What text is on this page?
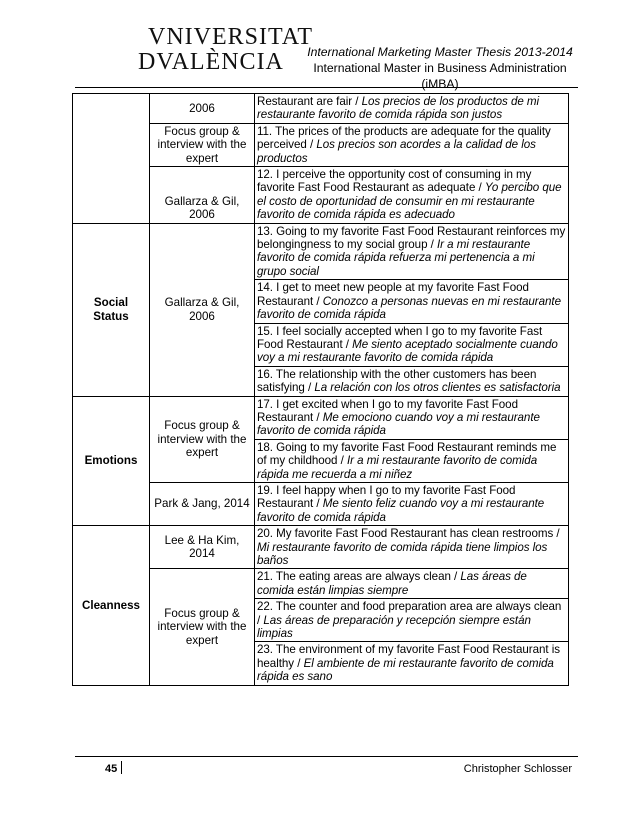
VNIVERSITAT
DVALÈNCIA	International Marketing Master Thesis 2013-2014
International Master in Business Administration (iMBA)
	2006	Restaurant are fair / Los precios de los productos de mi restaurante favorito de comida rápida son justos
	Focus group & interview with the expert	11. The prices of the products are adequate for the quality perceived / Los precios son acordes a la calidad de los productos
	Gallarza & Gil, 2006	12. I perceive the opportunity cost of consuming in my favorite Fast Food Restaurant as adequate / Yo percibo que el costo de oportunidad de consumir en mi restaurante favorito de comida rápida es adecuado
Social Status	Gallarza & Gil, 2006	13. Going to my favorite Fast Food Restaurant reinforces my belongingness to my social group / Ir a mi restaurante favorito de comida rápida refuerza mi pertenencia a mi grupo social
		14. I get to meet new people at my favorite Fast Food Restaurant / Conozco a personas nuevas en mi restaurante favorito de comida rápida
		15. I feel socially accepted when I go to my favorite Fast Food Restaurant / Me siento aceptado socialmente cuando voy a mi restaurante favorito de comida rápida
		16. The relationship with the other customers has been satisfying / La relación con los otros clientes es satisfactoria
Emotions	Focus group & interview with the expert	17. I get excited when I go to my favorite Fast Food Restaurant / Me emociono cuando voy a mi restaurante favorito de comida rápida
		18. Going to my favorite Fast Food Restaurant reminds me of my childhood / Ir a mi restaurante favorito de comida rápida me recuerda a mi niñez
	Park & Jang, 2014	19. I feel happy when I go to my favorite Fast Food Restaurant / Me siento feliz cuando voy a mi restaurante favorito de comida rápida
Cleanness	Lee & Ha Kim, 2014	20. My favorite Fast Food Restaurant has clean restrooms / Mi restaurante favorito de comida rápida tiene limpios los baños
	Focus group & interview with the expert	21. The eating areas are always clean / Las áreas de comida están limpias siempre
		22. The counter and food preparation area are always clean / Las áreas de preparación y recepción siempre están limpias
		23. The environment of my favorite Fast Food Restaurant is healthy / El ambiente de mi restaurante favorito de comida rápida es sano
45	Christopher Schlosser
